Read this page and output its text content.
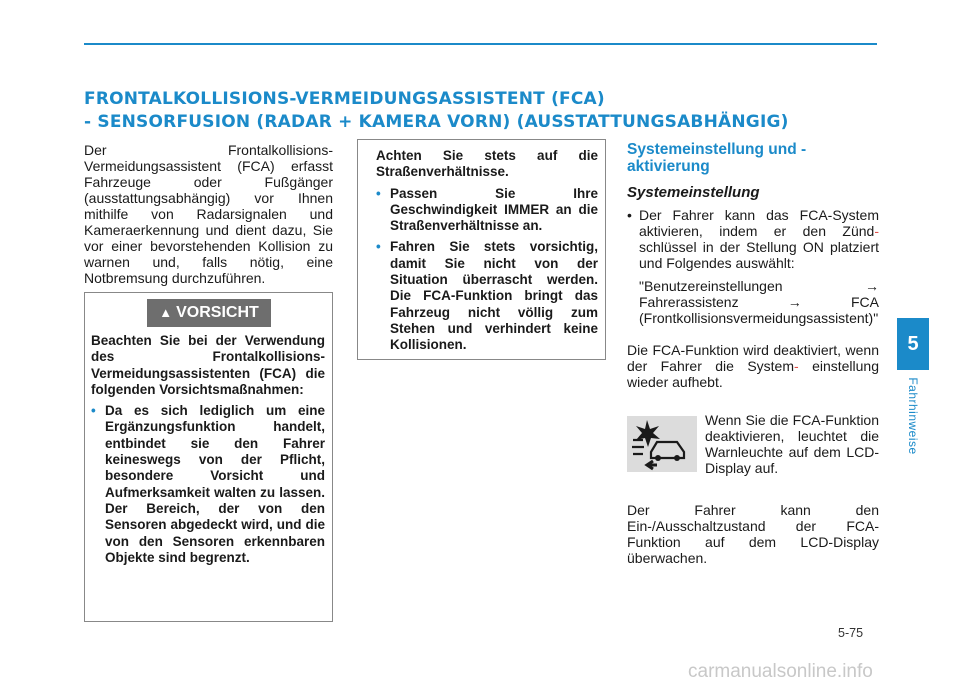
FRONTALKOLLISIONS-VERMEIDUNGSASSISTENT (FCA)
- SENSORFUSION (RADAR + KAMERA VORN) (AUSSTATTUNGSABHÄNGIG)
Der Frontalkollisions-Vermeidungsassistent (FCA) erfasst Fahrzeuge oder Fußgänger (ausstattungsabhängig) vor Ihnen mithilfe von Radarsignalen und Kameraerkennung und dient dazu, Sie vor einer bevorstehenden Kollision zu warnen und, falls nötig, eine Notbremsung durchzuführen.
▲ VORSICHT
Beachten Sie bei der Verwendung des Frontalkollisions-Vermeidungsassistenten (FCA) die folgenden Vorsichtsmaßnahmen:
• Da es sich lediglich um eine Ergänzungsfunktion handelt, entbindet sie den Fahrer keineswegs von der Pflicht, besondere Vorsicht und Aufmerksamkeit walten zu lassen. Der Bereich, der von den Sensoren abgedeckt wird, und die von den Sensoren erkennbaren Objekte sind begrenzt.
Achten Sie stets auf die Straßenverhältnisse.
• Passen Sie Ihre Geschwindigkeit IMMER an die Straßenverhältnisse an.
• Fahren Sie stets vorsichtig, damit Sie nicht von der Situation überrascht werden. Die FCA-Funktion bringt das Fahrzeug nicht völlig zum Stehen und verhindert keine Kollisionen.
Systemeinstellung und -aktivierung
Systemeinstellung
• Der Fahrer kann das FCA-System aktivieren, indem er den Zünd- schlüssel in der Stellung ON platziert und Folgendes auswählt:
"Benutzereinstellungen	→
Fahrerassistenz	→	FCA
(Frontkollisionsvermeidungsassistent)"
Die FCA-Funktion wird deaktiviert, wenn der Fahrer die System- einstellung wieder aufhebt.
Wenn Sie die FCA-Funktion deaktivieren, leuchtet die Warnleuchte auf dem LCD-Display auf.
Der Fahrer kann den Ein-/Ausschaltzustand der FCA-Funktion auf dem LCD-Display überwachen.
5
Fahrhinweise
5-75
carmanualsonline.info
